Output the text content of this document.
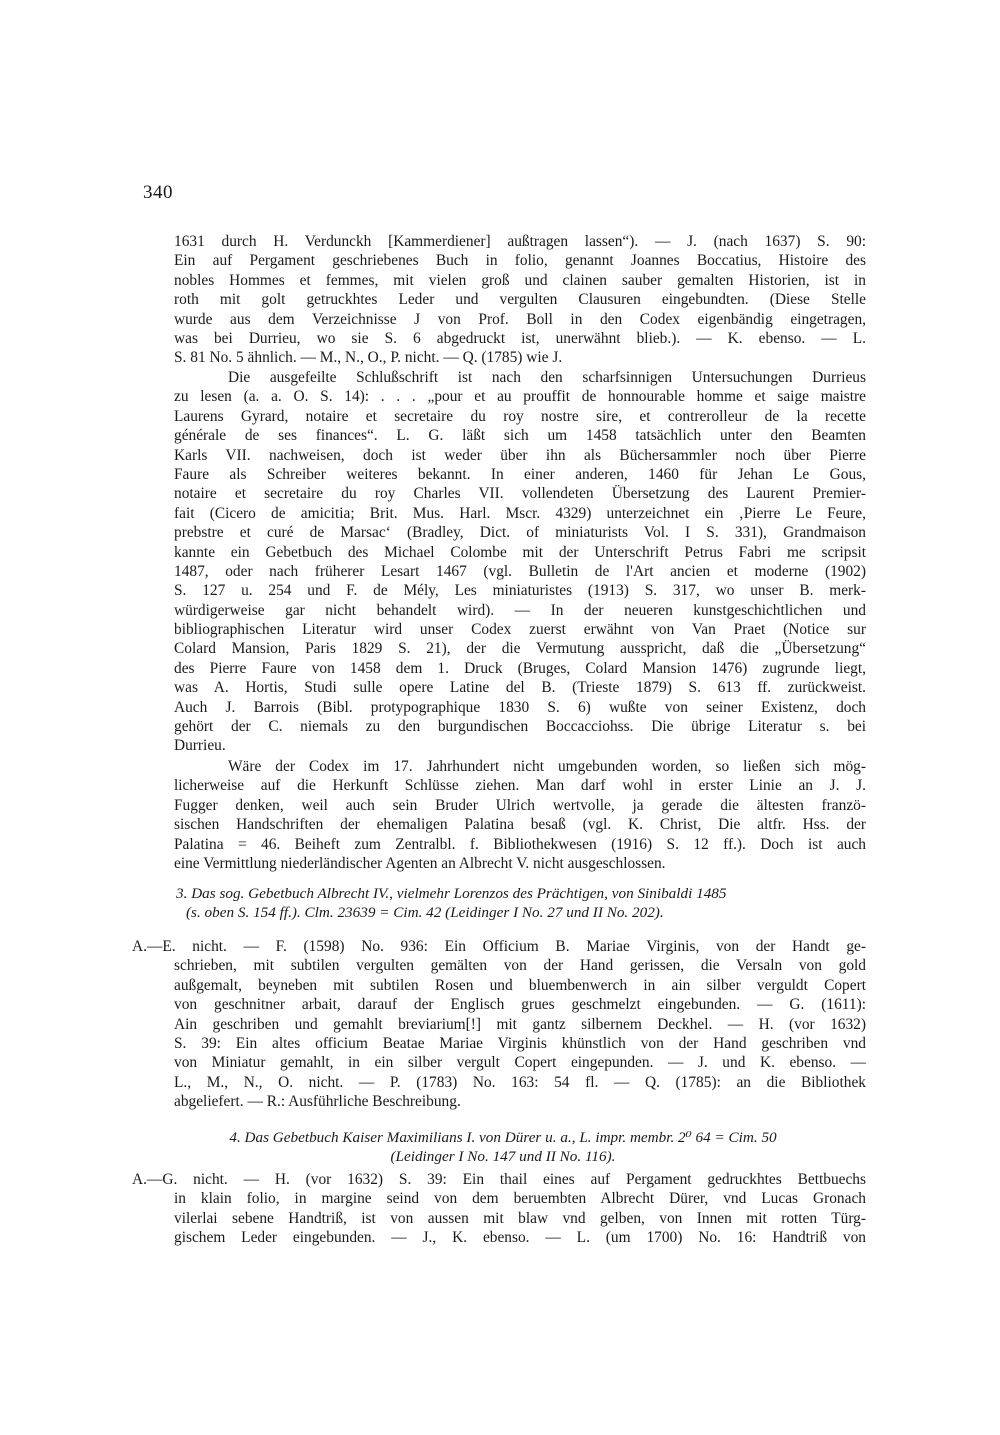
340
1631 durch H. Verdunckh [Kammerdiener] außtragen lassen“). — J. (nach 1637) S. 90:
Ein auf Pergament geschriebenes Buch in folio, genannt Joannes Boccatius, Histoire des
nobles Hommes et femmes, mit vielen groß und clainen sauber gemalten Historien, ist in
roth mit golt getruckhtes Leder und vergulten Clausuren eingebundten. (Diese Stelle
wurde aus dem Verzeichnisse J von Prof. Boll in den Codex eigenbändig eingetragen,
was bei Durrieu, wo sie S. 6 abgedruckt ist, unerwähnt blieb.). — K. ebenso. — L.
S. 81 No. 5 ähnlich. — M., N., O., P. nicht. — Q. (1785) wie J.
Die ausgefeilte Schlußschrift ist nach den scharfsinnigen Untersuchungen Durrieus
zu lesen (a. a. O. S. 14): . . . „pour et au prouffit de honnourable homme et saige maistre
Laurens Gyrard, notaire et secretaire du roy nostre sire, et contrerolleur de la recette
générale de ses finances“. L. G. läßt sich um 1458 tatsächlich unter den Beamten
Karls VII. nachweisen, doch ist weder über ihn als Büchersammler noch über Pierre
Faure als Schreiber weiteres bekannt. In einer anderen, 1460 für Jehan Le Gous,
notaire et secretaire du roy Charles VII. vollendeten Übersetzung des Laurent Premier-
fait (Cicero de amicitia; Brit. Mus. Harl. Mscr. 4329) unterzeichnet ein ‚Pierre Le Feure,
prebstre et curé de Marsac‘ (Bradley, Dict. of miniaturists Vol. I S. 331), Grandmaison
kannte ein Gebetbuch des Michael Colombe mit der Unterschrift Petrus Fabri me scripsit
1487, oder nach früherer Lesart 1467 (vgl. Bulletin de l'Art ancien et moderne (1902)
S. 127 u. 254 und F. de Mély, Les miniaturistes (1913) S. 317, wo unser B. merk-
würdigerweise gar nicht behandelt wird). — In der neueren kunstgeschichtlichen und
bibliographischen Literatur wird unser Codex zuerst erwähnt von Van Praet (Notice sur
Colard Mansion, Paris 1829 S. 21), der die Vermutung ausspricht, daß die „Übersetzung“
des Pierre Faure von 1458 dem 1. Druck (Bruges, Colard Mansion 1476) zugrunde liegt,
was A. Hortis, Studi sulle opere Latine del B. (Trieste 1879) S. 613 ff. zurückweist.
Auch J. Barrois (Bibl. protypographique 1830 S. 6) wußte von seiner Existenz, doch
gehört der C. niemals zu den burgundischen Boccacciohss. Die übrige Literatur s. bei
Durrieu.
Wäre der Codex im 17. Jahrhundert nicht umgebunden worden, so ließen sich mög-
licherweise auf die Herkunft Schlüsse ziehen. Man darf wohl in erster Linie an J. J.
Fugger denken, weil auch sein Bruder Ulrich wertvolle, ja gerade die ältesten franzö-
sischen Handschriften der ehemaligen Palatina besaß (vgl. K. Christ, Die altfr. Hss. der
Palatina = 46. Beiheft zum Zentralbl. f. Bibliothekwesen (1916) S. 12 ff.). Doch ist auch
eine Vermittlung niederländischer Agenten an Albrecht V. nicht ausgeschlossen.
3. Das sog. Gebetbuch Albrecht IV., vielmehr Lorenzos des Prächtigen, von Sinibaldi 1485
(s. oben S. 154 ff.). Clm. 23639 = Cim. 42 (Leidinger I No. 27 und II No. 202).
A.—E. nicht. — F. (1598) No. 936: Ein Officium B. Mariae Virginis, von der Handt ge-
schrieben, mit subtilen vergulten gemälten von der Hand gerissen, die Versaln von gold
außgemalt, beyneben mit subtilen Rosen und bluembenwerch in ain silber verguldt Copert
von geschnitner arbait, darauf der Englisch grues geschmelzt eingebunden. — G. (1611):
Ain geschriben und gemahlt breviarium[!] mit gantz silbernem Deckhel. — H. (vor 1632)
S. 39: Ein altes officium Beatae Mariae Virginis khünstlich von der Hand geschriben vnd
von Miniatur gemahlt, in ein silber vergult Copert eingepunden. — J. und K. ebenso. —
L., M., N., O. nicht. — P. (1783) No. 163: 54 fl. — Q. (1785): an die Bibliothek
abgeliefert. — R.: Ausführliche Beschreibung.
4. Das Gebetbuch Kaiser Maximilians I. von Dürer u. a., L. impr. membr. 2⁰ 64 = Cim. 50
(Leidinger I No. 147 und II No. 116).
A.—G. nicht. — H. (vor 1632) S. 39: Ein thail eines auf Pergament gedruckhtes Bettbuechs
in klain folio, in margine seind von dem beruembten Albrecht Dürer, vnd Lucas Gronach
vilerlai sebene Handtriß, ist von aussen mit blaw vnd gelben, von Innen mit rotten Türg-
gischem Leder eingebunden. — J., K. ebenso. — L. (um 1700) No. 16: Handtriß von
